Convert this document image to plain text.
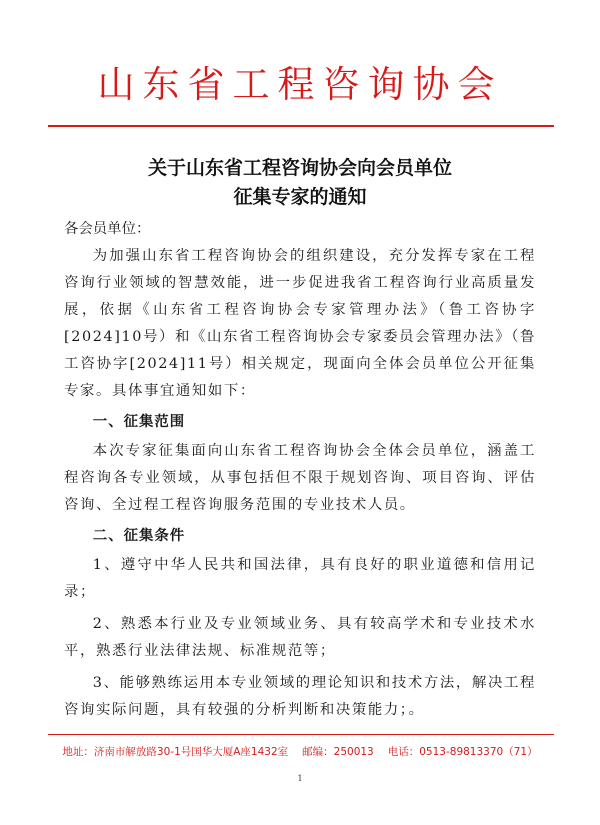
山东省工程咨询协会
关于山东省工程咨询协会向会员单位
征集专家的通知

各会员单位：

为加强山东省工程咨询协会的组织建设，充分发挥专家在工程咨询行业领域的智慧效能，进一步促进我省工程咨询行业高质量发展，依据《山东省工程咨询协会专家管理办法》（鲁工咨协字[2024]10号）和《山东省工程咨询协会专家委员会管理办法》（鲁工咨协字[2024]11号）相关规定，现面向全体会员单位公开征集专家。具体事宜通知如下：

一、征集范围

本次专家征集面向山东省工程咨询协会全体会员单位，涵盖工程咨询各专业领域，从事包括但不限于规划咨询、项目咨询、评估咨询、全过程工程咨询服务范围的专业技术人员。

二、征集条件

1、遵守中华人民共和国法律，具有良好的职业道德和信用记录；

2、熟悉本行业及专业领域业务、具有较高学术和专业技术水平，熟悉行业法律法规、标准规范等；

3、能够熟练运用本专业领域的理论知识和技术方法，解决工程咨询实际问题，具有较强的分析判断和决策能力；。

地址：济南市解放路30-1号国华大厦A座1432室 邮编：250013 电话：0513-89813370（71）
1
